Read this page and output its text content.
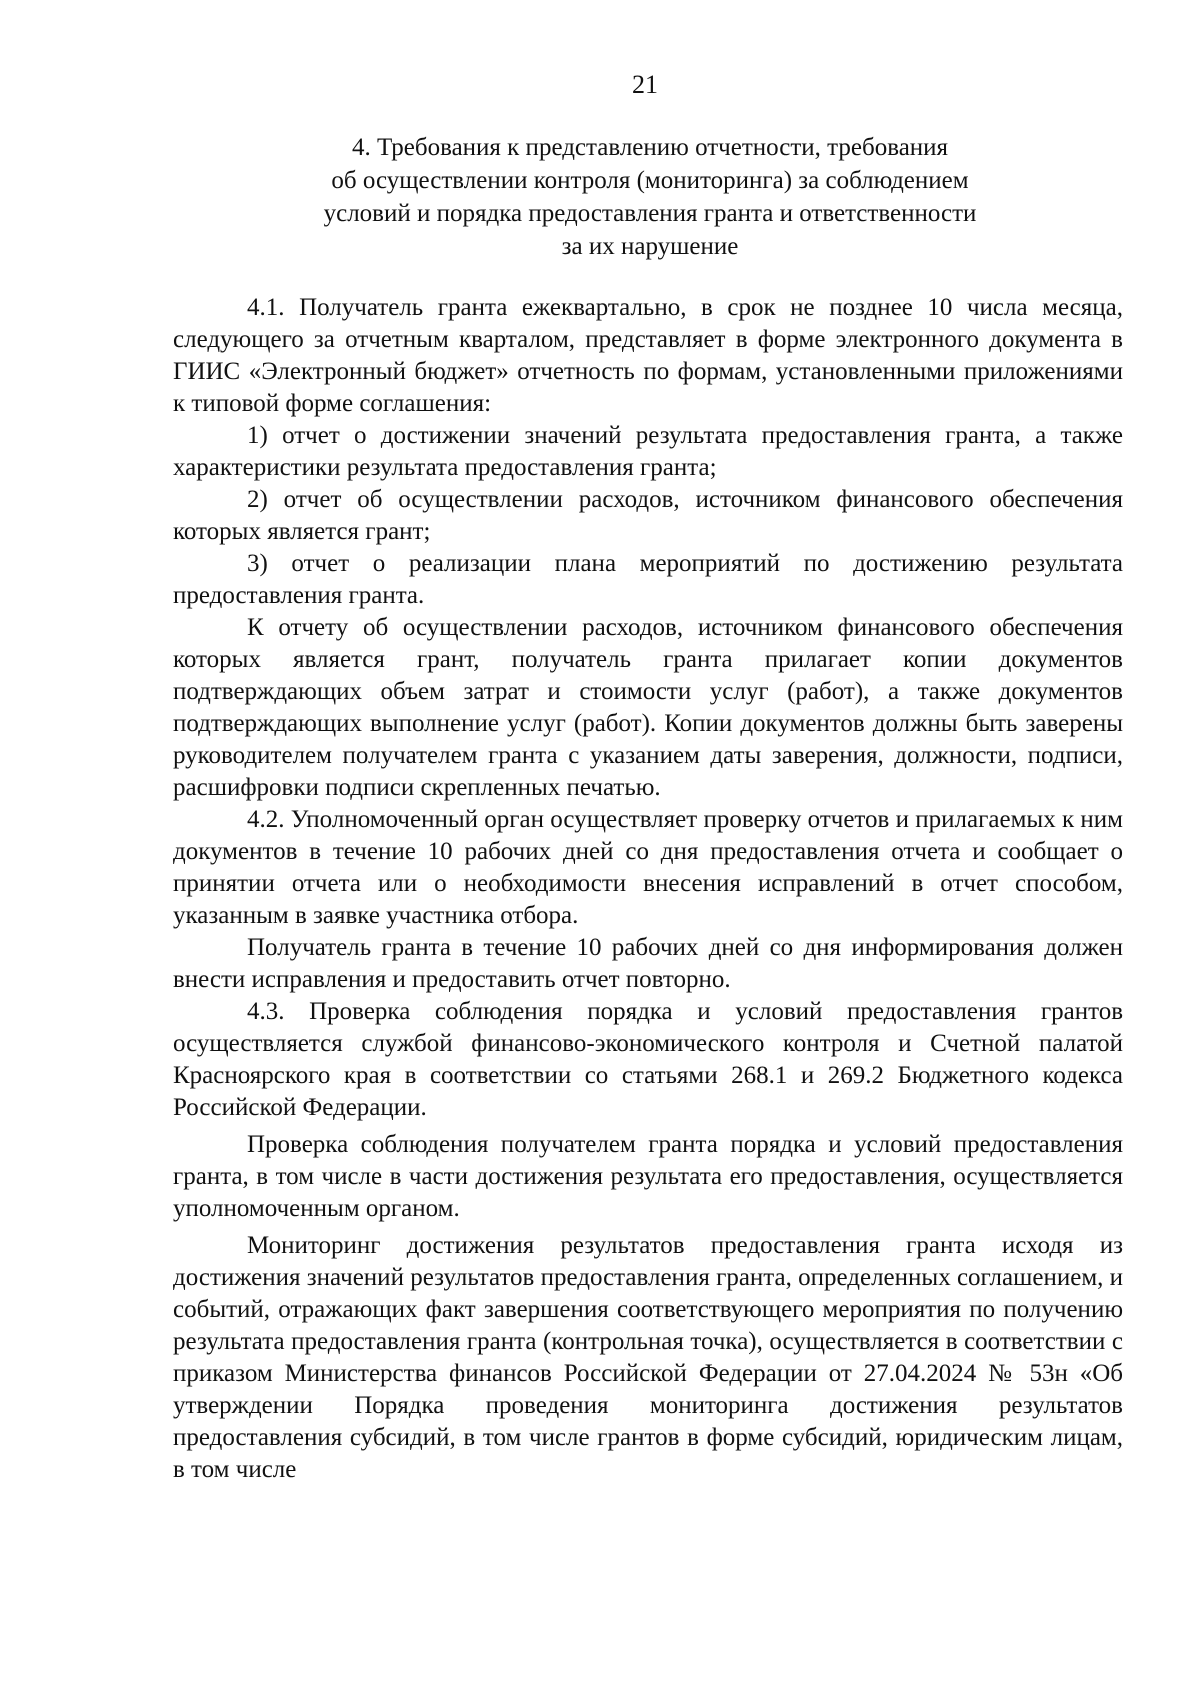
21
4. Требования к представлению отчетности, требования
об осуществлении контроля (мониторинга) за соблюдением
условий и порядка предоставления гранта и ответственности
за их нарушение

4.1. Получатель гранта ежеквартально, в срок не позднее 10 числа месяца, следующего за отчетным кварталом, представляет в форме электронного документа в ГИИС «Электронный бюджет» отчетность по формам, установленными приложениями к типовой форме соглашения:

1) отчет о достижении значений результата предоставления гранта, а также характеристики результата предоставления гранта;

2) отчет об осуществлении расходов, источником финансового обеспечения которых является грант;

3) отчет о реализации плана мероприятий по достижению результата предоставления гранта.

К отчету об осуществлении расходов, источником финансового обеспечения которых является грант, получатель гранта прилагает копии документов подтверждающих объем затрат и стоимости услуг (работ), а также документов подтверждающих выполнение услуг (работ). Копии документов должны быть заверены руководителем получателем гранта с указанием даты заверения, должности, подписи, расшифровки подписи скрепленных печатью.

4.2. Уполномоченный орган осуществляет проверку отчетов и прилагаемых к ним документов в течение 10 рабочих дней со дня предоставления отчета и сообщает о принятии отчета или о необходимости внесения исправлений в отчет способом, указанным в заявке участника отбора.

Получатель гранта в течение 10 рабочих дней со дня информирования должен внести исправления и предоставить отчет повторно.

4.3. Проверка соблюдения порядка и условий предоставления грантов осуществляется службой финансово-экономического контроля и Счетной палатой Красноярского края в соответствии со статьями 268.1 и 269.2 Бюджетного кодекса Российской Федерации.

Проверка соблюдения получателем гранта порядка и условий предоставления гранта, в том числе в части достижения результата его предоставления, осуществляется уполномоченным органом.

Мониторинг достижения результатов предоставления гранта исходя из достижения значений результатов предоставления гранта, определенных соглашением, и событий, отражающих факт завершения соответствующего мероприятия по получению результата предоставления гранта (контрольная точка), осуществляется в соответствии с приказом Министерства финансов Российской Федерации от 27.04.2024 № 53н «Об утверждении Порядка проведения мониторинга достижения результатов предоставления субсидий, в том числе грантов в форме субсидий, юридическим лицам, в том числе
